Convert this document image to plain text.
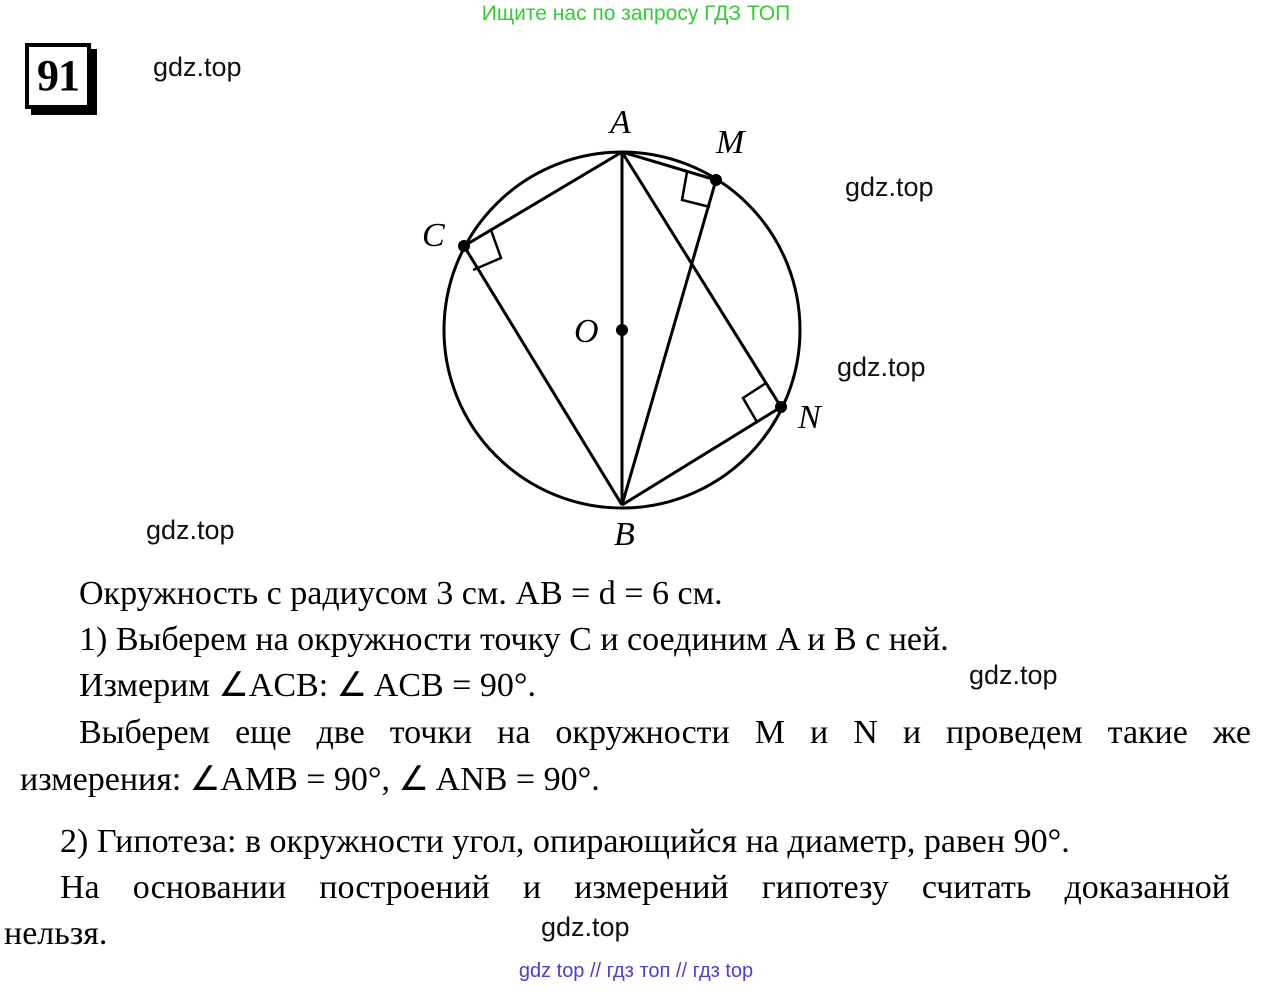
Ищите нас по запросу ГДЗ ТОП
91	gdz.top
gdz.top
gdz.top
gdz.top
gdz.top
gdz.top
A
M
C
O
N
B
Окружность с радиусом 3 см. AB = d = 6 см.
1) Выберем на окружности точку C и соединим A и B с ней.
Измерим ∠ACB: ∠ ACB = 90°.
Выберем еще две точки на окружности M и N и проведем такие же
измерения: ∠AMB = 90°, ∠ ANB = 90°.
2) Гипотеза: в окружности угол, опирающийся на диаметр, равен 90°.
На основании построений и измерений гипотезу считать доказанной
нельзя.
gdz top // гдз топ // гдз top
